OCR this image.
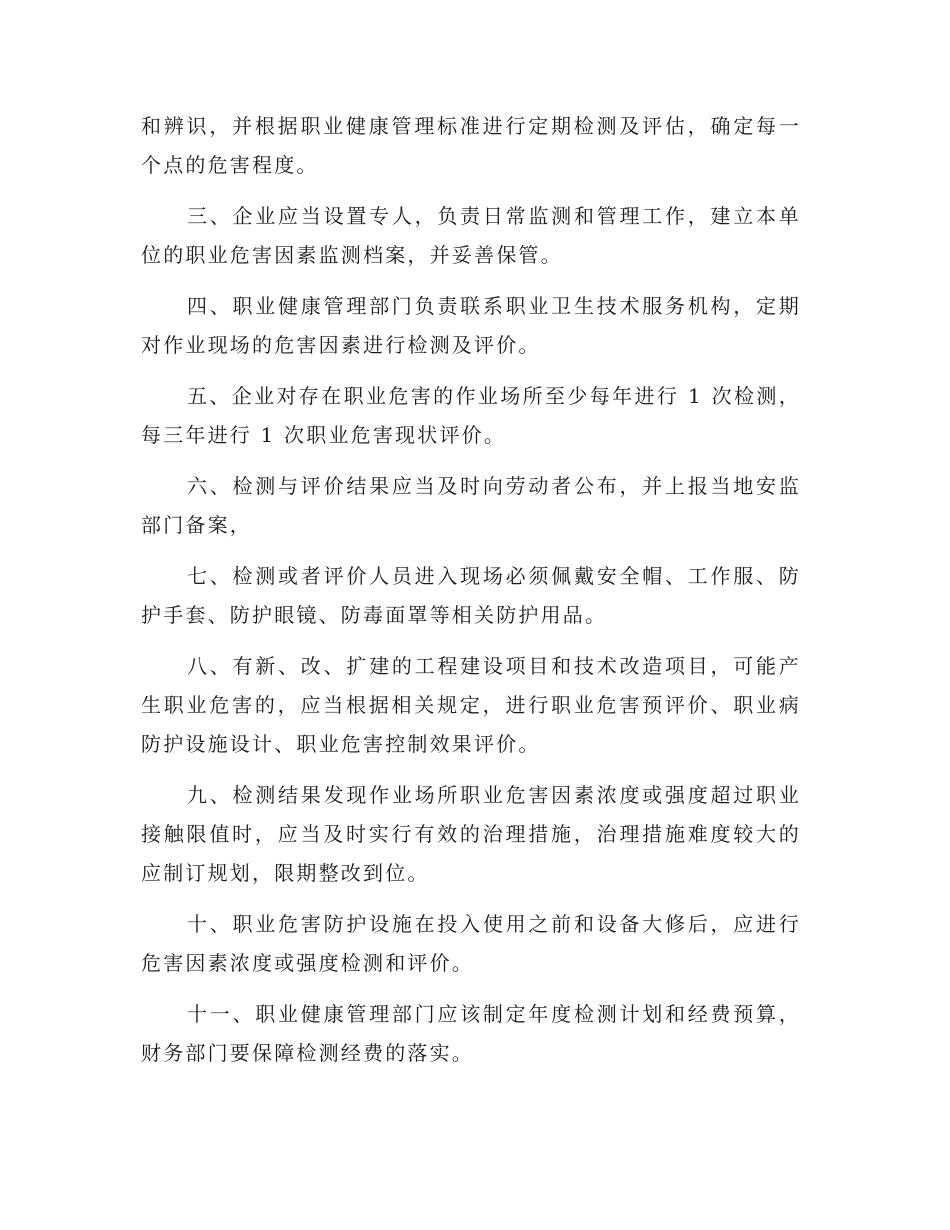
和辨识，并根据职业健康管理标准进行定期检测及评估，确定每一个点的危害程度。

三、企业应当设置专人，负责日常监测和管理工作，建立本单位的职业危害因素监测档案，并妥善保管。

四、职业健康管理部门负责联系职业卫生技术服务机构，定期对作业现场的危害因素进行检测及评价。

五、企业对存在职业危害的作业场所至少每年进行 1 次检测，每三年进行 1 次职业危害现状评价。

六、检测与评价结果应当及时向劳动者公布，并上报当地安监部门备案，

七、检测或者评价人员进入现场必须佩戴安全帽、工作服、防护手套、防护眼镜、防毒面罩等相关防护用品。

八、有新、改、扩建的工程建设项目和技术改造项目，可能产生职业危害的，应当根据相关规定，进行职业危害预评价、职业病防护设施设计、职业危害控制效果评价。

九、检测结果发现作业场所职业危害因素浓度或强度超过职业接触限值时，应当及时实行有效的治理措施，治理措施难度较大的应制订规划，限期整改到位。

十、职业危害防护设施在投入使用之前和设备大修后，应进行危害因素浓度或强度检测和评价。

十一、职业健康管理部门应该制定年度检测计划和经费预算，财务部门要保障检测经费的落实。
